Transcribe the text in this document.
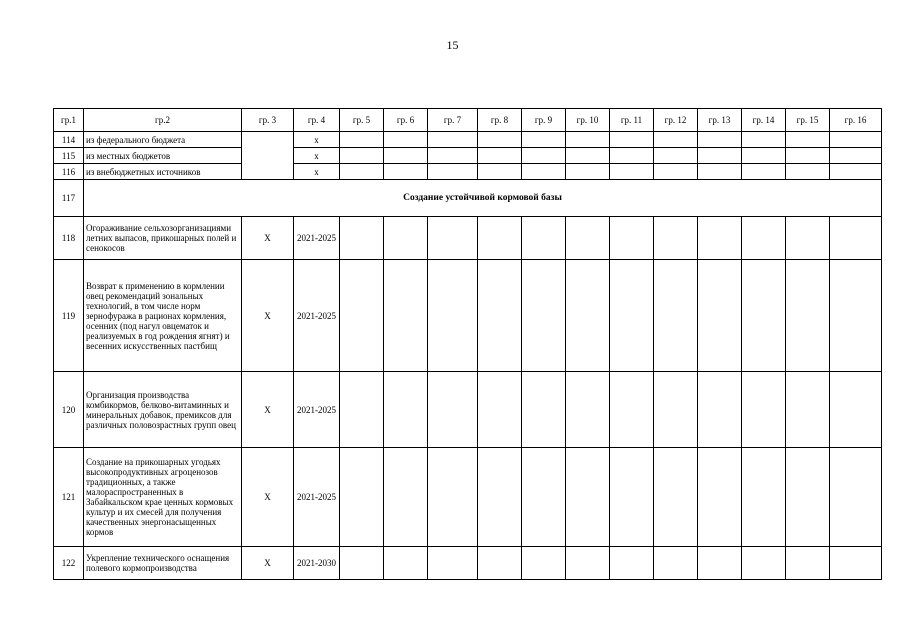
15
гр.1	гр.2	гр. 3	гр. 4	гр. 5	гр. 6	гр. 7	гр. 8	гр. 9	гр. 10	гр. 11	гр. 12	гр. 13	гр. 14	гр. 15	гр. 16
114	из федерального бюджета		х												
115	из местных бюджетов		х												
116	из внебюджетных источников		х												
117	Создание устойчивой кормовой базы														
118	Огораживание сельхозорганизациями летних выпасов, прикошарных полей и сенокосов	Х	2021-2025												
119	Возврат к применению в кормлении овец рекомендаций зональных технологий, в том числе норм зернофуража в рационах кормления, осенних (под нагул овцематок и реализуемых в год рождения ягнят) и весенних искусственных пастбищ	Х	2021-2025												
120	Организация производства комбикормов, белково-витаминных и минеральных добавок, премиксов для различных половозрастных групп овец	Х	2021-2025												
121	Создание на прикошарных угодьях высокопродуктивных агроценозов традиционных, а также малораспространенных в Забайкальском крае ценных кормовых культур и их смесей для получения качественных энергонасыщенных кормов	Х	2021-2025												
122	Укрепление технического оснащения полевого кормопроизводства	Х	2021-2030												
